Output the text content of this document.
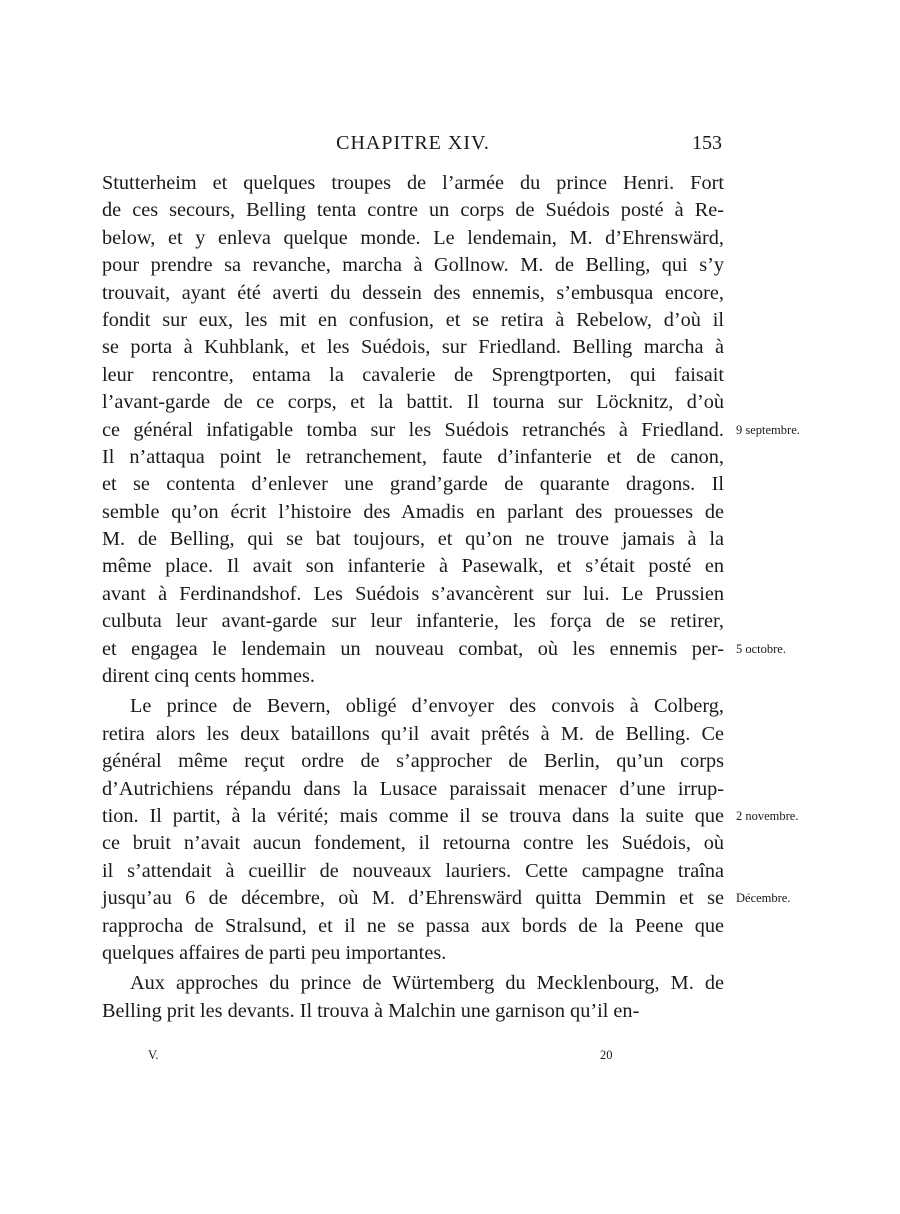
CHAPITRE XIV.	153
Stutterheim et quelques troupes de l’armée du prince Henri. Fort
de ces secours, Belling tenta contre un corps de Suédois posté à Re-
below, et y enleva quelque monde. Le lendemain, M. d’Ehrenswärd,
pour prendre sa revanche, marcha à Gollnow. M. de Belling, qui s’y
trouvait, ayant été averti du dessein des ennemis, s’embusqua encore,
fondit sur eux, les mit en confusion, et se retira à Rebelow, d’où il
se porta à Kuhblank, et les Suédois, sur Friedland. Belling marcha à
leur rencontre, entama la cavalerie de Sprengtporten, qui faisait
l’avant-garde de ce corps, et la battit. Il tourna sur Löcknitz, d’où
ce général infatigable tomba sur les Suédois retranchés à Friedland. 9 septembre.
Il n’attaqua point le retranchement, faute d’infanterie et de canon,
et se contenta d’enlever une grand’garde de quarante dragons. Il
semble qu’on écrit l’histoire des Amadis en parlant des prouesses de
M. de Belling, qui se bat toujours, et qu’on ne trouve jamais à la
même place. Il avait son infanterie à Pasewalk, et s’était posté en
avant à Ferdinandshof. Les Suédois s’avancèrent sur lui. Le Prussien
culbuta leur avant-garde sur leur infanterie, les força de se retirer,
et engagea le lendemain un nouveau combat, où les ennemis per- 5 octobre.
dirent cinq cents hommes.
Le prince de Bevern, obligé d’envoyer des convois à Colberg,
retira alors les deux bataillons qu’il avait prêtés à M. de Belling. Ce
général même reçut ordre de s’approcher de Berlin, qu’un corps
d’Autrichiens répandu dans la Lusace paraissait menacer d’une irrup-
tion. Il partit, à la vérité; mais comme il se trouva dans la suite que 2 novembre.
ce bruit n’avait aucun fondement, il retourna contre les Suédois, où
il s’attendait à cueillir de nouveaux lauriers. Cette campagne traîna
jusqu’au 6 de décembre, où M. d’Ehrenswärd quitta Demmin et se Décembre.
rapprocha de Stralsund, et il ne se passa aux bords de la Peene que
quelques affaires de parti peu importantes.
Aux approches du prince de Würtemberg du Mecklenbourg, M. de
Belling prit les devants. Il trouva à Malchin une garnison qu’il en-
V.	20
